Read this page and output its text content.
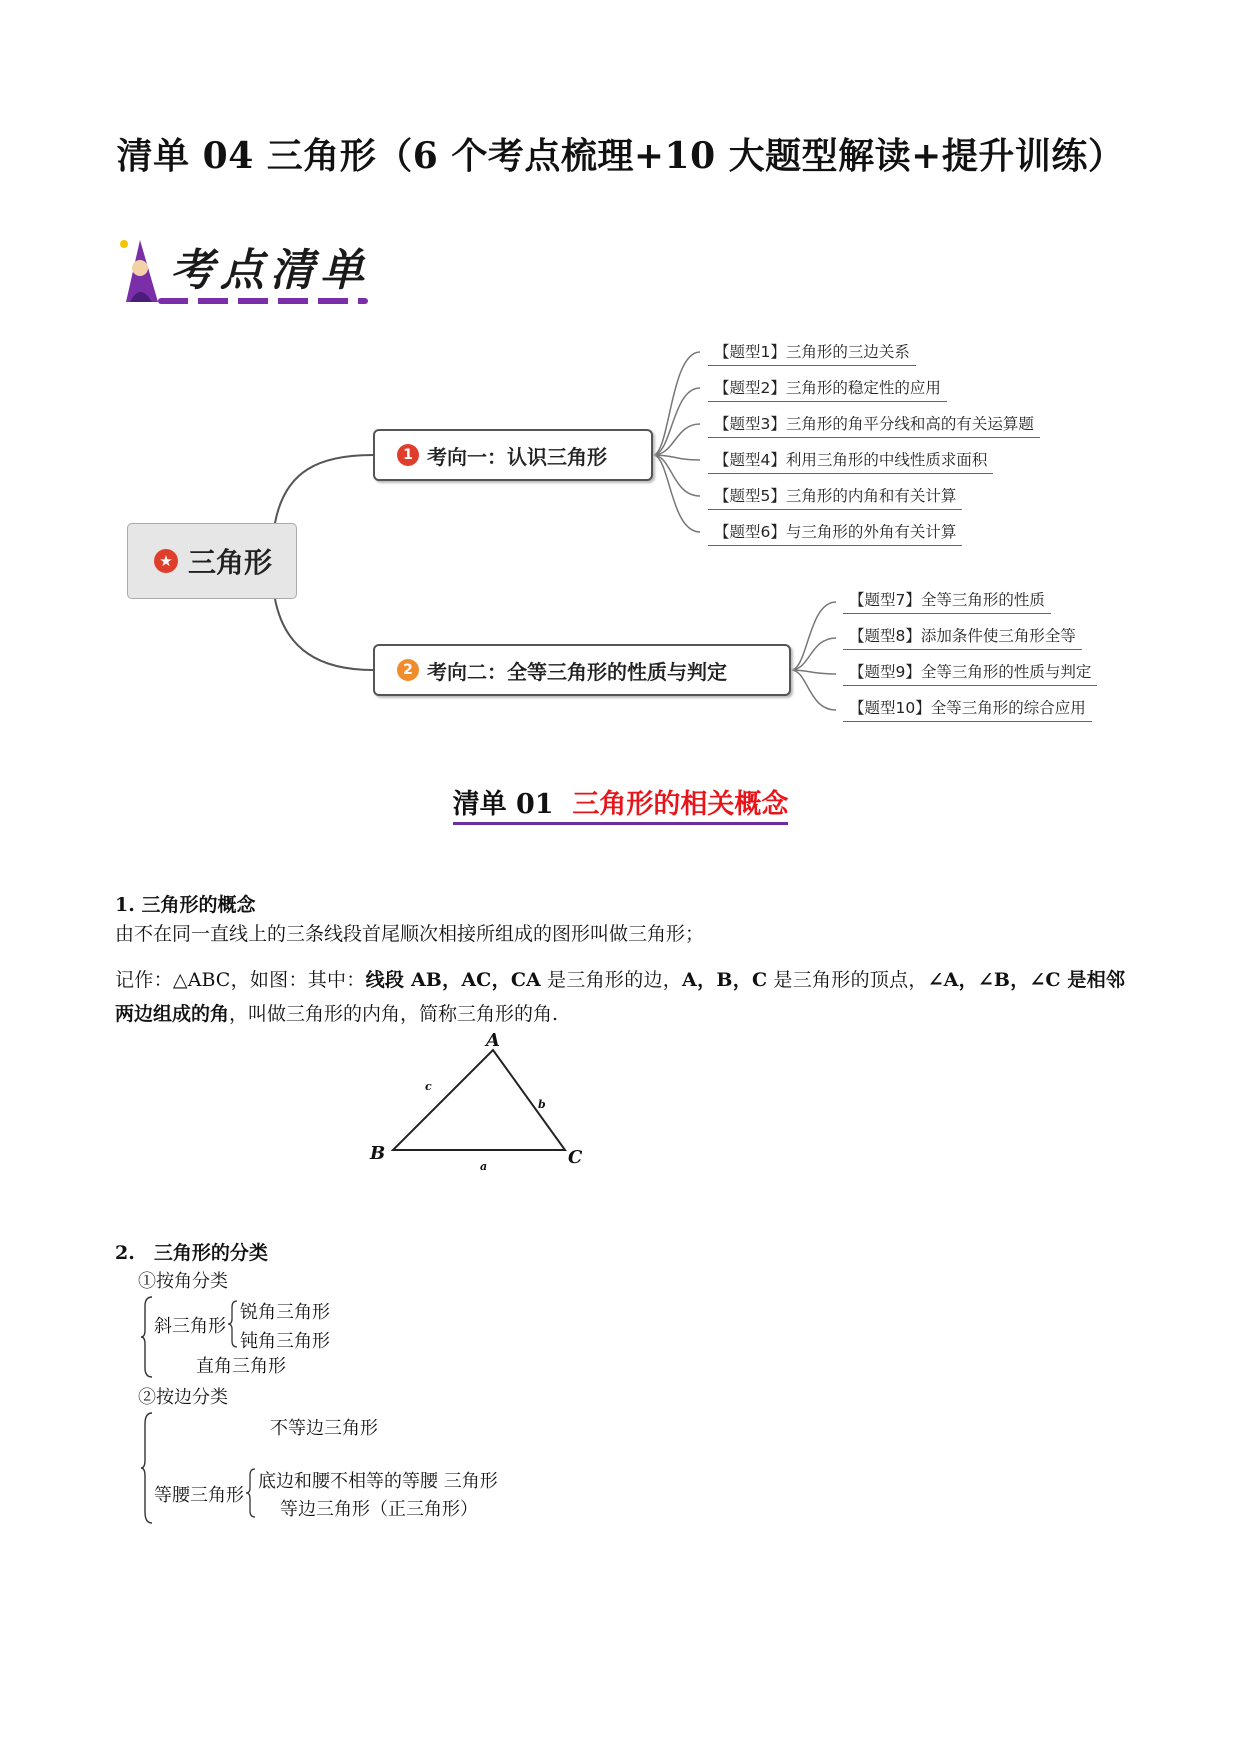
清单 04 三角形（6 个考点梳理+10 大题型解读+提升训练）
考点清单
★ 三角形
1 考向一：认识三角形
2 考向二：全等三角形的性质与判定
【题型1】三角形的三边关系
【题型2】三角形的稳定性的应用
【题型3】三角形的角平分线和高的有关运算题
【题型4】利用三角形的中线性质求面积
【题型5】三角形的内角和有关计算
【题型6】与三角形的外角有关计算
【题型7】全等三角形的性质
【题型8】添加条件使三角形全等
【题型9】全等三角形的性质与判定
【题型10】全等三角形的综合应用
清单 01 三角形的相关概念
1. 三角形的概念
由不在同一直线上的三条线段首尾顺次相接所组成的图形叫做三角形；
记作：△ABC，如图：其中：线段 AB，AC，CA 是三角形的边，A，B，C 是三角形的顶点，∠A，∠B，∠C 是相邻两边组成的角，叫做三角形的内角，简称三角形的角.
A
B	C
c
b
a
2.　三角形的分类
①按角分类
斜三角形
锐角三角形
钝角三角形
直角三角形
②按边分类
不等边三角形
等腰三角形
底边和腰不相等的等腰 三角形
等边三角形（正三角形）
